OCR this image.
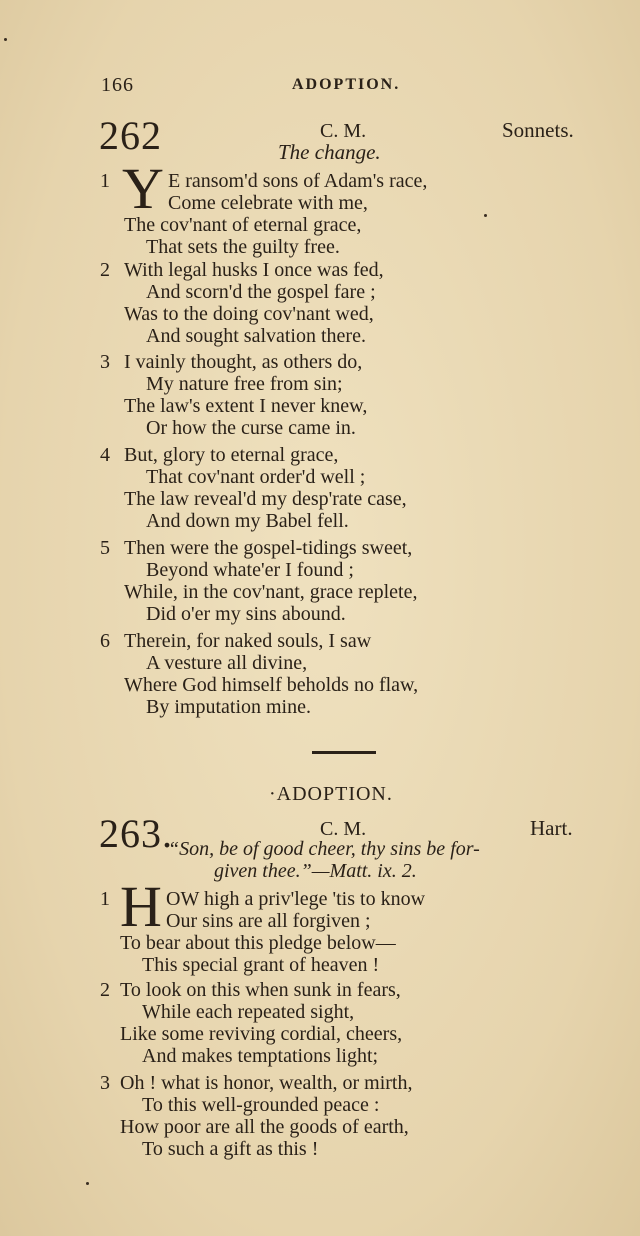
166	ADOPTION.
262	C. M.	Sonnets.
The change.
1 Y E ransom'd sons of Adam's race,
Come celebrate with me,
The cov'nant of eternal grace,
That sets the guilty free.
2 With legal husks I once was fed,
And scorn'd the gospel fare ;
Was to the doing cov'nant wed,
And sought salvation there.
3 I vainly thought, as others do,
My nature free from sin;
The law's extent I never knew,
Or how the curse came in.
4 But, glory to eternal grace,
That cov'nant order'd well ;
The law reveal'd my desp'rate case,
And down my Babel fell.
5 Then were the gospel-tidings sweet,
Beyond whate'er I found ;
While, in the cov'nant, grace replete,
Did o'er my sins abound.
6 Therein, for naked souls, I saw
A vesture all divine,
Where God himself beholds no flaw,
By imputation mine.
·ADOPTION.
263.	C. M.	Hart.
“Son, be of good cheer, thy sins be for-
given thee.”—Matt. ix. 2.
1 H OW high a priv'lege 'tis to know
Our sins are all forgiven ;
To bear about this pledge below—
This special grant of heaven !
2 To look on this when sunk in fears,
While each repeated sight,
Like some reviving cordial, cheers,
And makes temptations light;
3 Oh ! what is honor, wealth, or mirth,
To this well-grounded peace :
How poor are all the goods of earth,
To such a gift as this !
